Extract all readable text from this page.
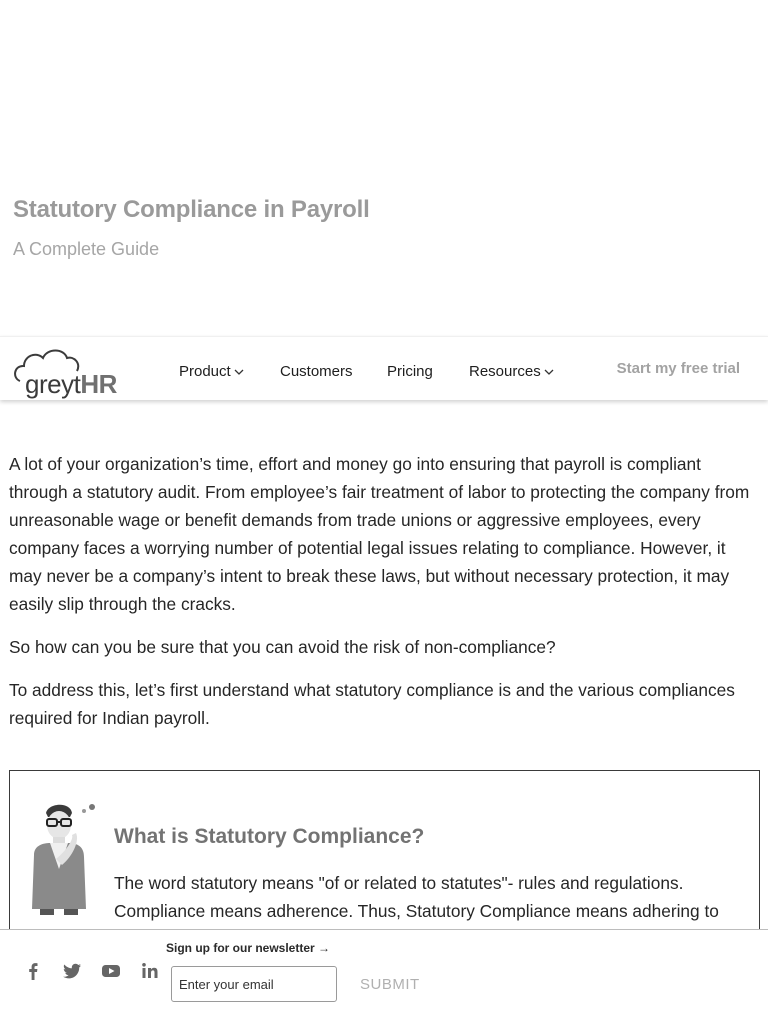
Statutory Compliance in Payroll
A Complete Guide
greytHR	Product	Customers Pricing Resources	Start my free trial

A lot of your organization’s time, effort and money go into ensuring that payroll is compliant through a statutory audit. From employee’s fair treatment of labor to protecting the company from unreasonable wage or benefit demands from trade unions or aggressive employees, every company faces a worrying number of potential legal issues relating to compliance. However, it may never be a company’s intent to break these laws, but without necessary protection, it may easily slip through the cracks.

So how can you be sure that you can avoid the risk of non-compliance?

To address this, let’s first understand what statutory compliance is and the various compliances required for Indian payroll.

What is Statutory Compliance?

The word statutory means "of or related to statutes"- rules and regulations. Compliance means adherence. Thus, Statutory Compliance means adhering to

Sign up for our newsletter →
Enter your email
SUBMIT
